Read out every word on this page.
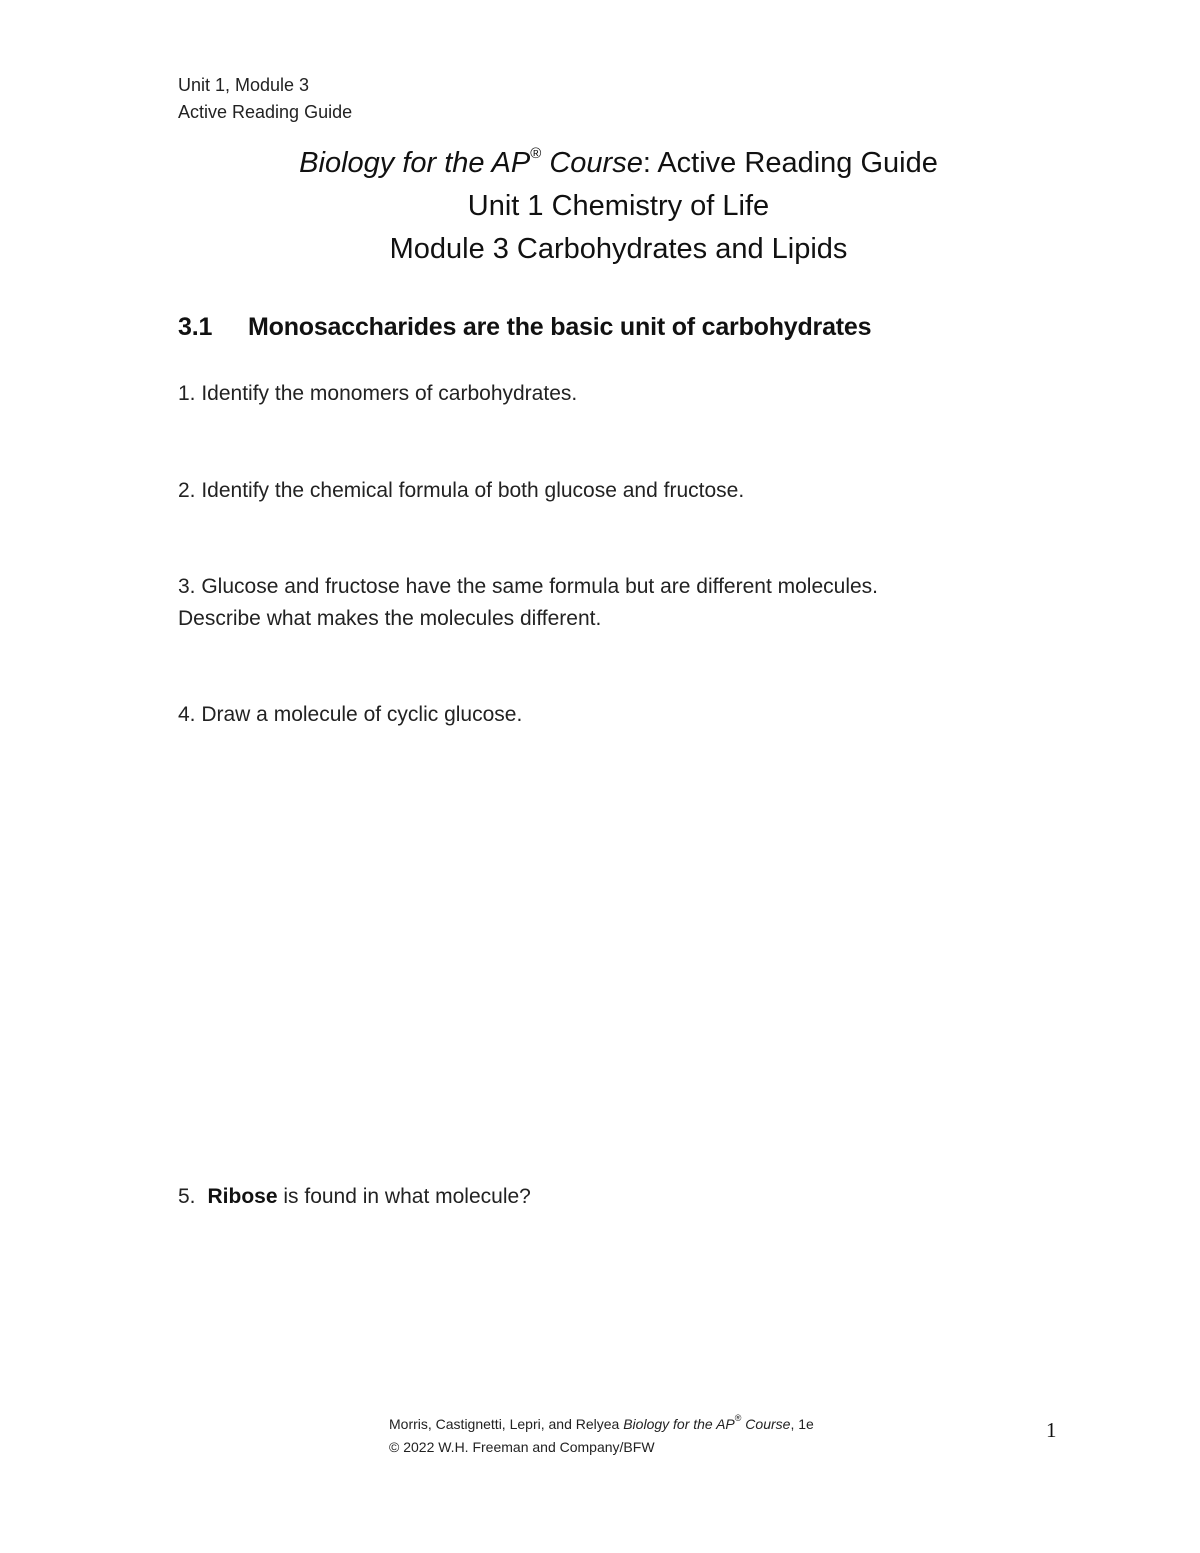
Unit 1, Module 3
Active Reading Guide
Biology for the AP® Course: Active Reading Guide
Unit 1 Chemistry of Life
Module 3 Carbohydrates and Lipids
3.1 Monosaccharides are the basic unit of carbohydrates
1. Identify the monomers of carbohydrates.
2. Identify the chemical formula of both glucose and fructose.
3. Glucose and fructose have the same formula but are different molecules.
Describe what makes the molecules different.
4. Draw a molecule of cyclic glucose.
5. Ribose is found in what molecule?
Morris, Castignetti, Lepri, and Relyea Biology for the AP® Course, 1e
© 2022 W.H. Freeman and Company/BFW
1
